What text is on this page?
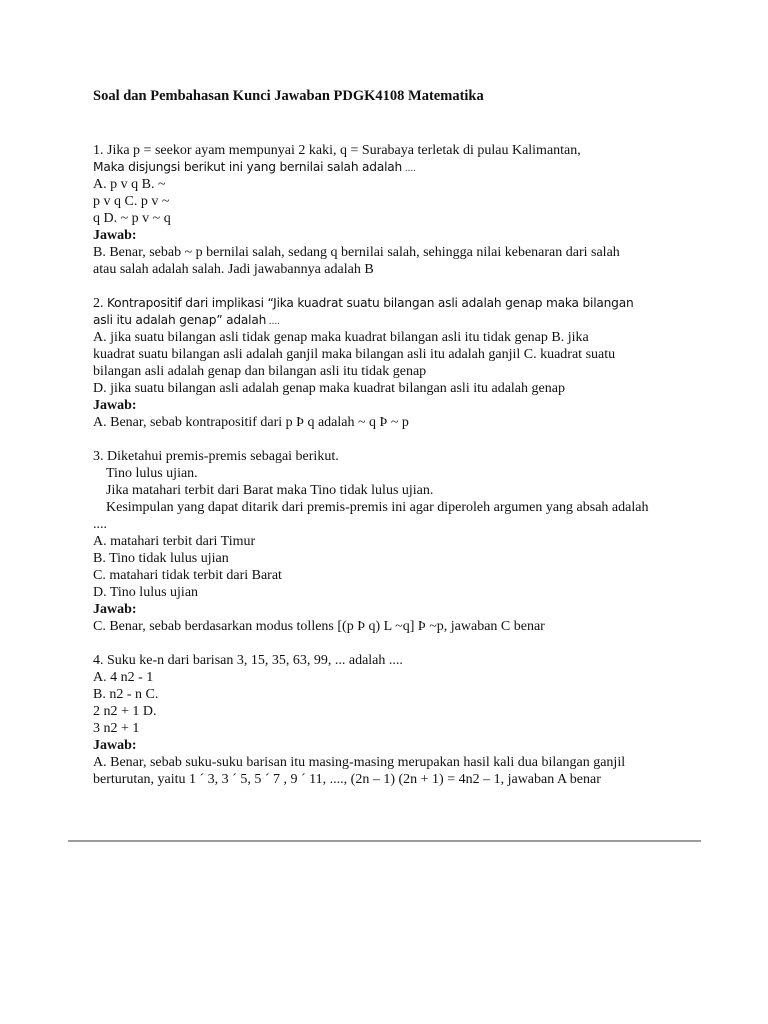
Soal dan Pembahasan Kunci Jawaban PDGK4108 Matematika
1. Jika p = seekor ayam mempunyai 2 kaki, q = Surabaya terletak di pulau Kalimantan,
Maka disjungsi berikut ini yang bernilai salah adalah ....
A. p v q B. ~
p v q C. p v ~
q D. ~ p v ~ q
Jawab:
B. Benar, sebab ~ p bernilai salah, sedang q bernilai salah, sehingga nilai kebenaran dari salah
atau salah adalah salah. Jadi jawabannya adalah B
2. Kontrapositif dari implikasi “Jika kuadrat suatu bilangan asli adalah genap maka bilangan
asli itu adalah genap” adalah ....
A. jika suatu bilangan asli tidak genap maka kuadrat bilangan asli itu tidak genap B. jika
kuadrat suatu bilangan asli adalah ganjil maka bilangan asli itu adalah ganjil C. kuadrat suatu
bilangan asli adalah genap dan bilangan asli itu tidak genap
D. jika suatu bilangan asli adalah genap maka kuadrat bilangan asli itu adalah genap
Jawab:
A. Benar, sebab kontrapositif dari p Þ q adalah ~ q Þ ~ p
3. Diketahui premis-premis sebagai berikut.
Tino lulus ujian.
Jika matahari terbit dari Barat maka Tino tidak lulus ujian.
Kesimpulan yang dapat ditarik dari premis-premis ini agar diperoleh argumen yang absah adalah
....
A. matahari terbit dari Timur
B. Tino tidak lulus ujian
C. matahari tidak terbit dari Barat
D. Tino lulus ujian
Jawab:
C. Benar, sebab berdasarkan modus tollens [(p Þ q) L ~q] Þ ~p, jawaban C benar
4. Suku ke-n dari barisan 3, 15, 35, 63, 99, ... adalah ....
A. 4 n2 - 1
B. n2 - n C.
2 n2 + 1 D.
3 n2 + 1
Jawab:
A. Benar, sebab suku-suku barisan itu masing-masing merupakan hasil kali dua bilangan ganjil
berturutan, yaitu 1 ´ 3, 3 ´ 5, 5 ´ 7 , 9 ´ 11, ...., (2n – 1) (2n + 1) = 4n2 – 1, jawaban A benar
